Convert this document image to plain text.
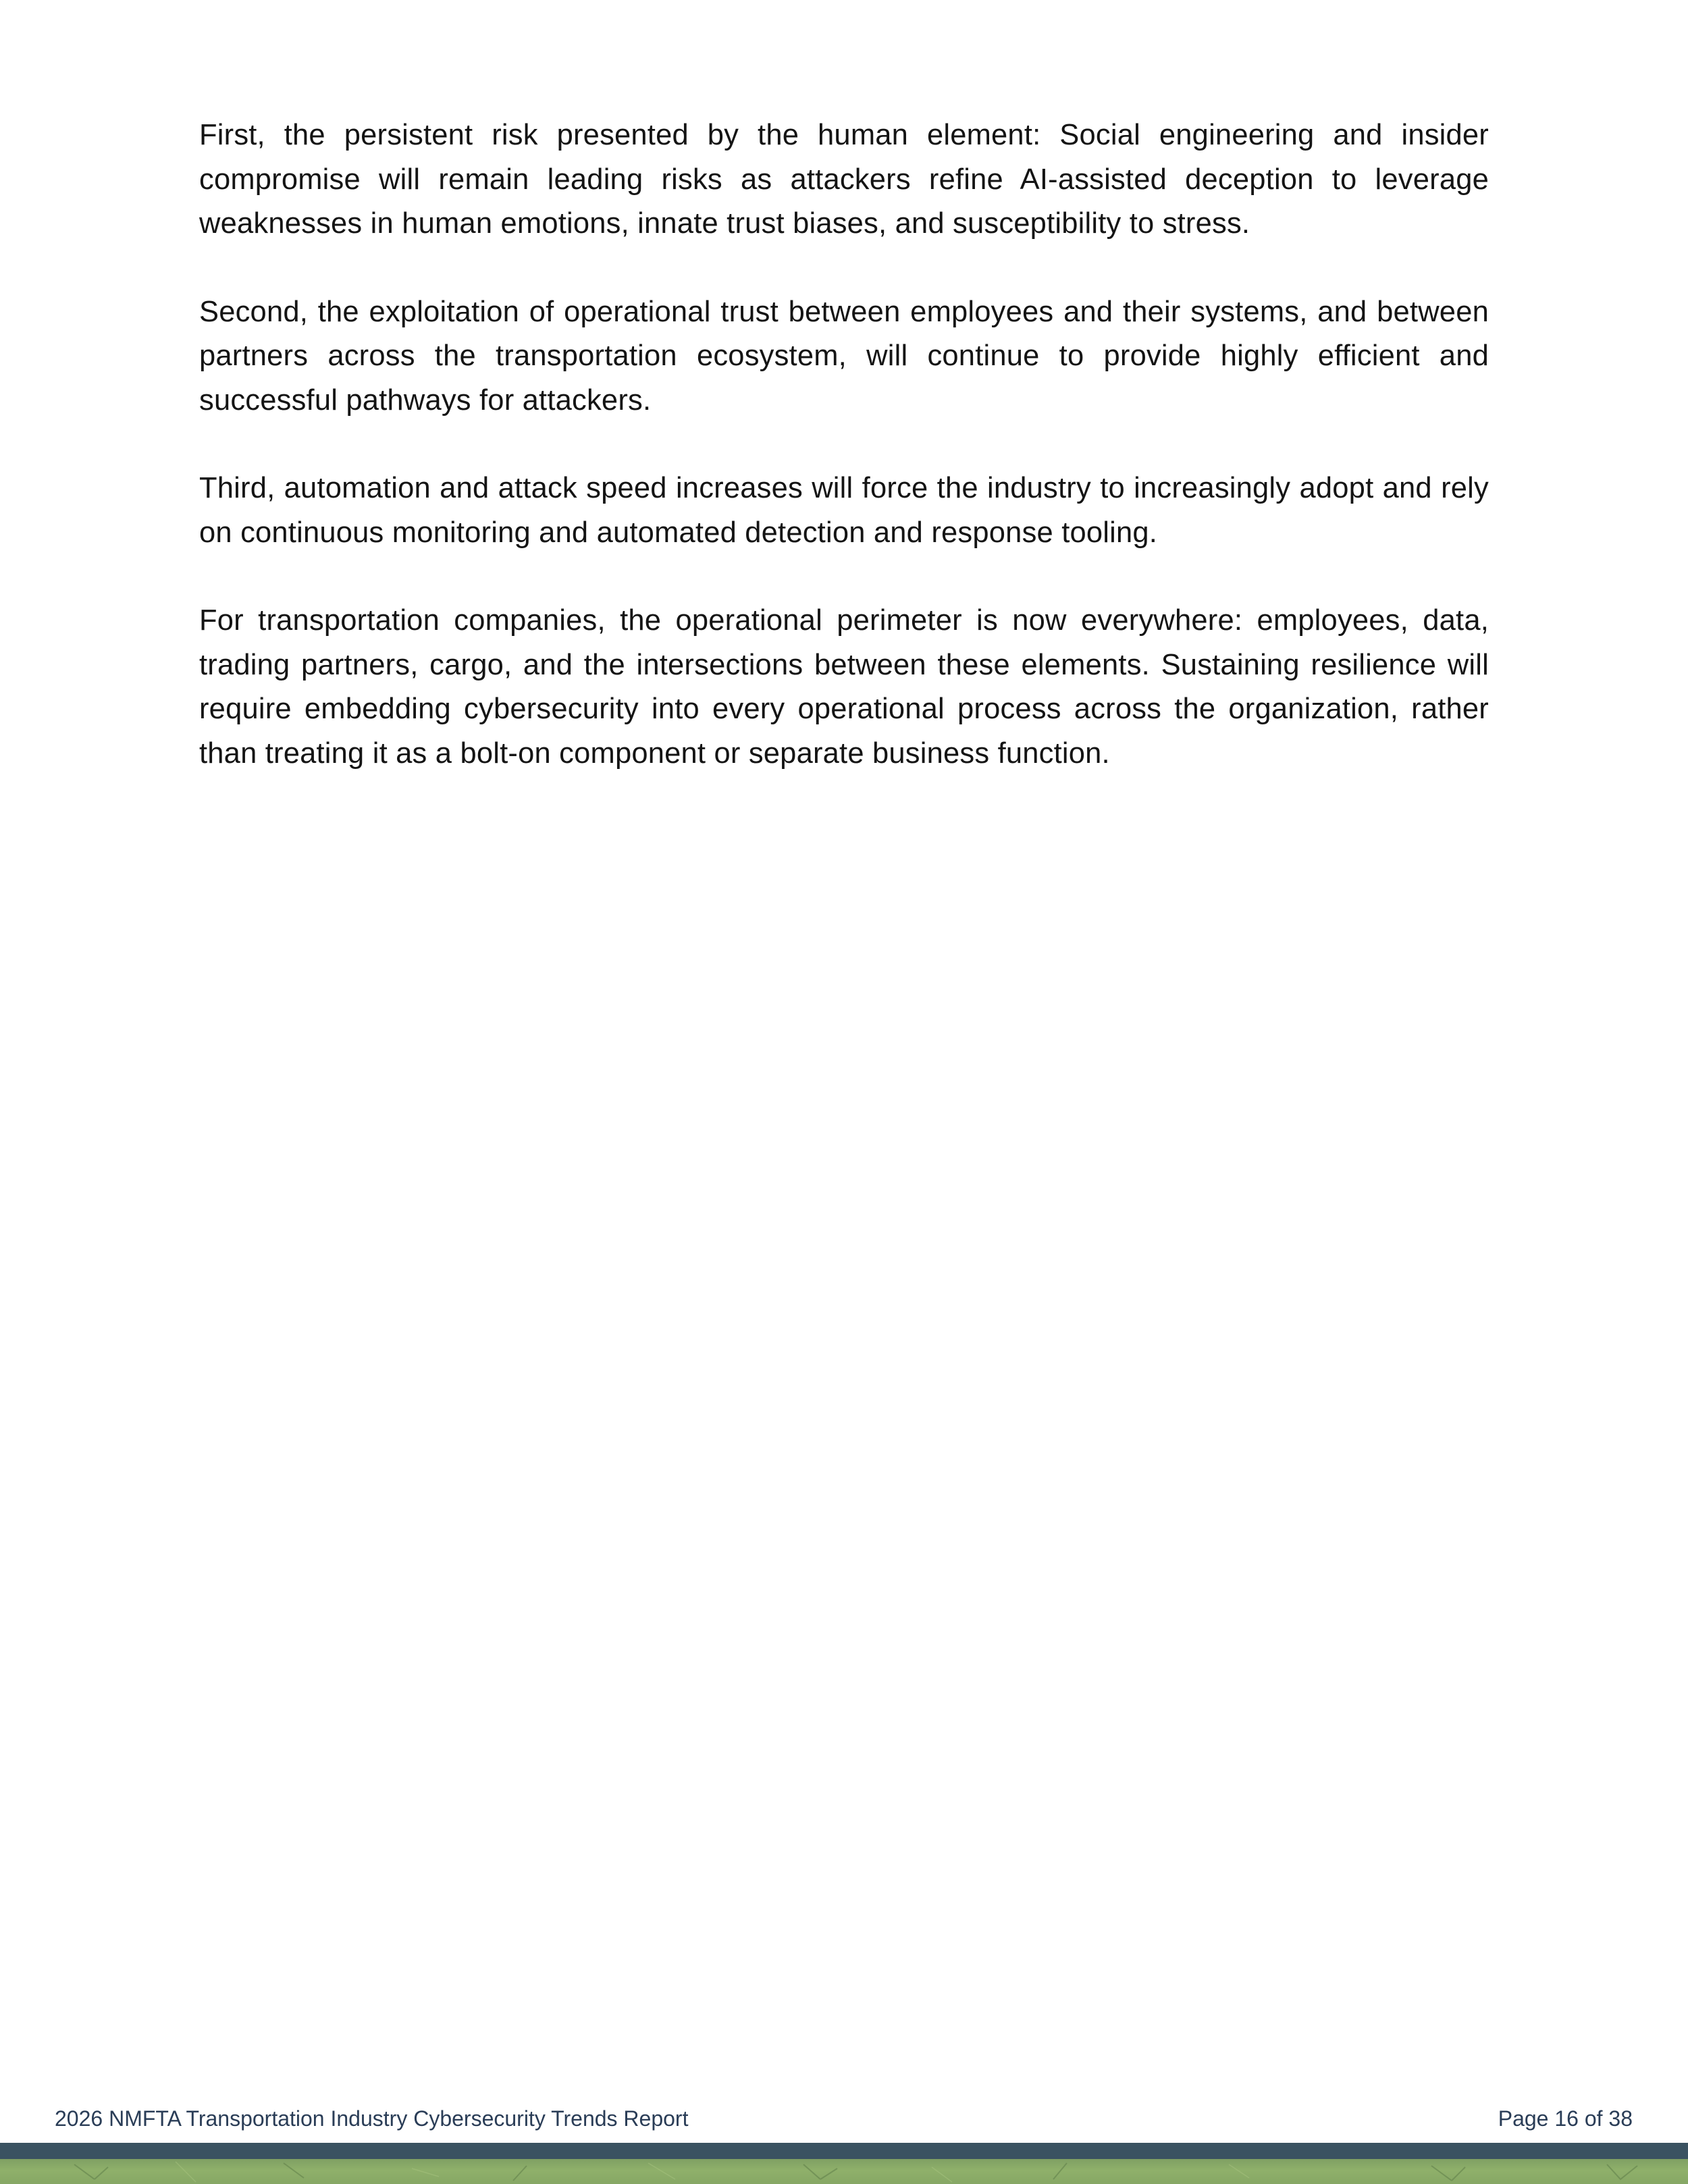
First, the persistent risk presented by the human element: Social engineering and insider compromise will remain leading risks as attackers refine AI-assisted deception to leverage weaknesses in human emotions, innate trust biases, and susceptibility to stress.

Second, the exploitation of operational trust between employees and their systems, and between partners across the transportation ecosystem, will continue to provide highly efficient and successful pathways for attackers.

Third, automation and attack speed increases will force the industry to increasingly adopt and rely on continuous monitoring and automated detection and response tooling.

For transportation companies, the operational perimeter is now everywhere: employees, data, trading partners, cargo, and the intersections between these elements. Sustaining resilience will require embedding cybersecurity into every operational process across the organization, rather than treating it as a bolt-on component or separate business function.

2026 NMFTA Transportation Industry Cybersecurity Trends Report	Page 16 of 38
